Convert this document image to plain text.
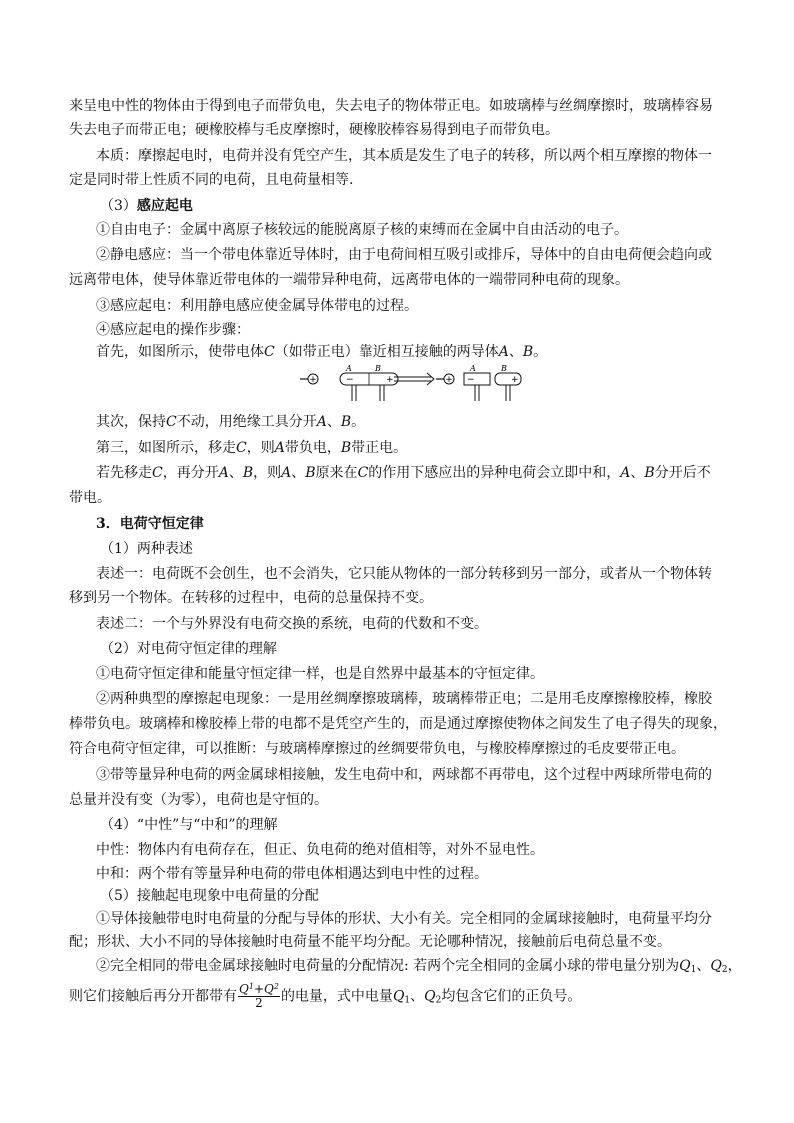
来呈电中性的物体由于得到电子而带负电，失去电子的物体带正电。如玻璃棒与丝绸摩擦时，玻璃棒容易
失去电子而带正电；硬橡胶棒与毛皮摩擦时，硬橡胶棒容易得到电子而带负电。
本质：摩擦起电时，电荷并没有凭空产生，其本质是发生了电子的转移，所以两个相互摩擦的物体一
定是同时带上性质不同的电荷，且电荷量相等.
（3）感应起电
①自由电子：金属中离原子核较远的能脱离原子核的束缚而在金属中自由活动的电子。
②静电感应：当一个带电体靠近导体时，由于电荷间相互吸引或排斥，导体中的自由电荷便会趋向或
远离带电体，使导体靠近带电体的一端带异种电荷，远离带电体的一端带同种电荷的现象。
③感应起电：利用静电感应使金属导体带电的过程。
④感应起电的操作步骤：
首先，如图所示，使带电体C（如带正电）靠近相互接触的两导体A、B。
+
A	B
−	+	+
A	B
−	+
其次，保持C不动，用绝缘工具分开A、B。
第三，如图所示，移走C，则A带负电，B带正电。
若先移走C，再分开A、B，则A、B原来在C的作用下感应出的异种电荷会立即中和，A、B分开后不
带电。
3．电荷守恒定律
（1）两种表述
表述一：电荷既不会创生，也不会消失，它只能从物体的一部分转移到另一部分，或者从一个物体转
移到另一个物体。在转移的过程中，电荷的总量保持不变。
表述二：一个与外界没有电荷交换的系统，电荷的代数和不变。
（2）对电荷守恒定律的理解
①电荷守恒定律和能量守恒定律一样，也是自然界中最基本的守恒定律。
②两种典型的摩擦起电现象：一是用丝绸摩擦玻璃棒，玻璃棒带正电；二是用毛皮摩擦橡胶棒，橡胶
棒带负电。玻璃棒和橡胶棒上带的电都不是凭空产生的，而是通过摩擦使物体之间发生了电子得失的现象，
符合电荷守恒定律，可以推断：与玻璃棒摩擦过的丝绸要带负电，与橡胶棒摩擦过的毛皮要带正电。
③带等量异种电荷的两金属球相接触，发生电荷中和，两球都不再带电，这个过程中两球所带电荷的
总量并没有变（为零），电荷也是守恒的。
（4）“中性”与“中和”的理解
中性：物体内有电荷存在，但正、负电荷的绝对值相等，对外不显电性。
中和：两个带有等量异种电荷的带电体相遇达到电中性的过程。
（5）接触起电现象中电荷量的分配
①导体接触带电时电荷量的分配与导体的形状、大小有关。完全相同的金属球接触时，电荷量平均分
配；形状、大小不同的导体接触时电荷量不能平均分配。无论哪种情况，接触前后电荷总量不变。
②完全相同的带电金属球接触时电荷量的分配情况: 若两个完全相同的金属小球的带电量分别为$Q_1$、$Q_2$，
则它们接触后再分开都带有 $\frac{Q^1+Q^2}{2}$ 的电量，式中电量$Q_1$、$Q_2$均包含它们的正负号。
